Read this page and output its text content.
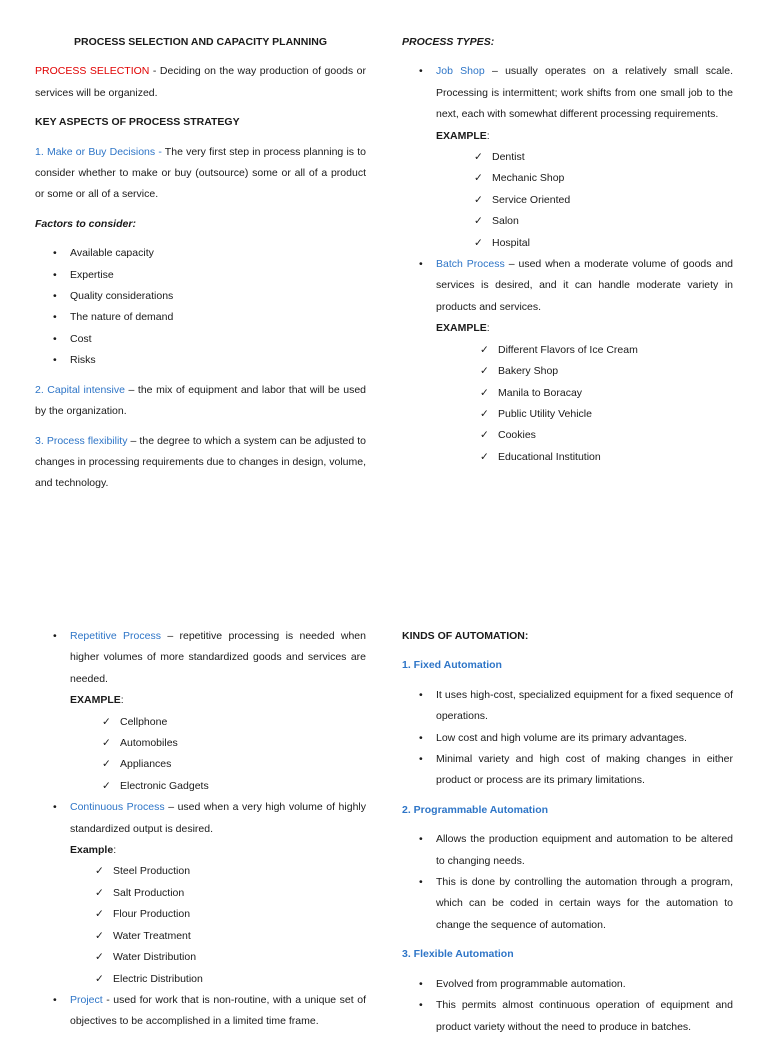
PROCESS SELECTION AND CAPACITY PLANNING

PROCESS SELECTION - Deciding on the way production of goods or services will be organized.

KEY ASPECTS OF PROCESS STRATEGY

1. Make or Buy Decisions - The very first step in process planning is to consider whether to make or buy (outsource) some or all of a product or some or all of a service.

Factors to consider:

• Available capacity
• Expertise
• Quality considerations
• The nature of demand
• Cost
• Risks

2. Capital intensive – the mix of equipment and labor that will be used by the organization.

3. Process flexibility – the degree to which a system can be adjusted to changes in processing requirements due to changes in design, volume, and technology.

PROCESS TYPES:

• Job Shop – usually operates on a relatively small scale. Processing is intermittent; work shifts from one small job to the next, each with somewhat different processing requirements.
EXAMPLE:
✓ Dentist
✓ Mechanic Shop
✓ Service Oriented
✓ Salon
✓ Hospital
• Batch Process – used when a moderate volume of goods and services is desired, and it can handle moderate variety in products and services.
EXAMPLE:
✓ Different Flavors of Ice Cream
✓ Bakery Shop
✓ Manila to Boracay
✓ Public Utility Vehicle
✓ Cookies
✓ Educational Institution
• Repetitive Process – repetitive processing is needed when higher volumes of more standardized goods and services are needed.
EXAMPLE:
✓ Cellphone
✓ Automobiles
✓ Appliances
✓ Electronic Gadgets
• Continuous Process – used when a very high volume of highly standardized output is desired.
Example:
✓ Steel Production
✓ Salt Production
✓ Flour Production
✓ Water Treatment
✓ Water Distribution
✓ Electric Distribution
• Project - used for work that is non-routine, with a unique set of objectives to be accomplished in a limited time frame.

KINDS OF AUTOMATION:

1. Fixed Automation

• It uses high-cost, specialized equipment for a fixed sequence of operations.
• Low cost and high volume are its primary advantages.
• Minimal variety and high cost of making changes in either product or process are its primary limitations.

2. Programmable Automation

• Allows the production equipment and automation to be altered to changing needs.
• This is done by controlling the automation through a program, which can be coded in certain ways for the automation to change the sequence of automation.

3. Flexible Automation

• Evolved from programmable automation.
• This permits almost continuous operation of equipment and product variety without the need to produce in batches.
